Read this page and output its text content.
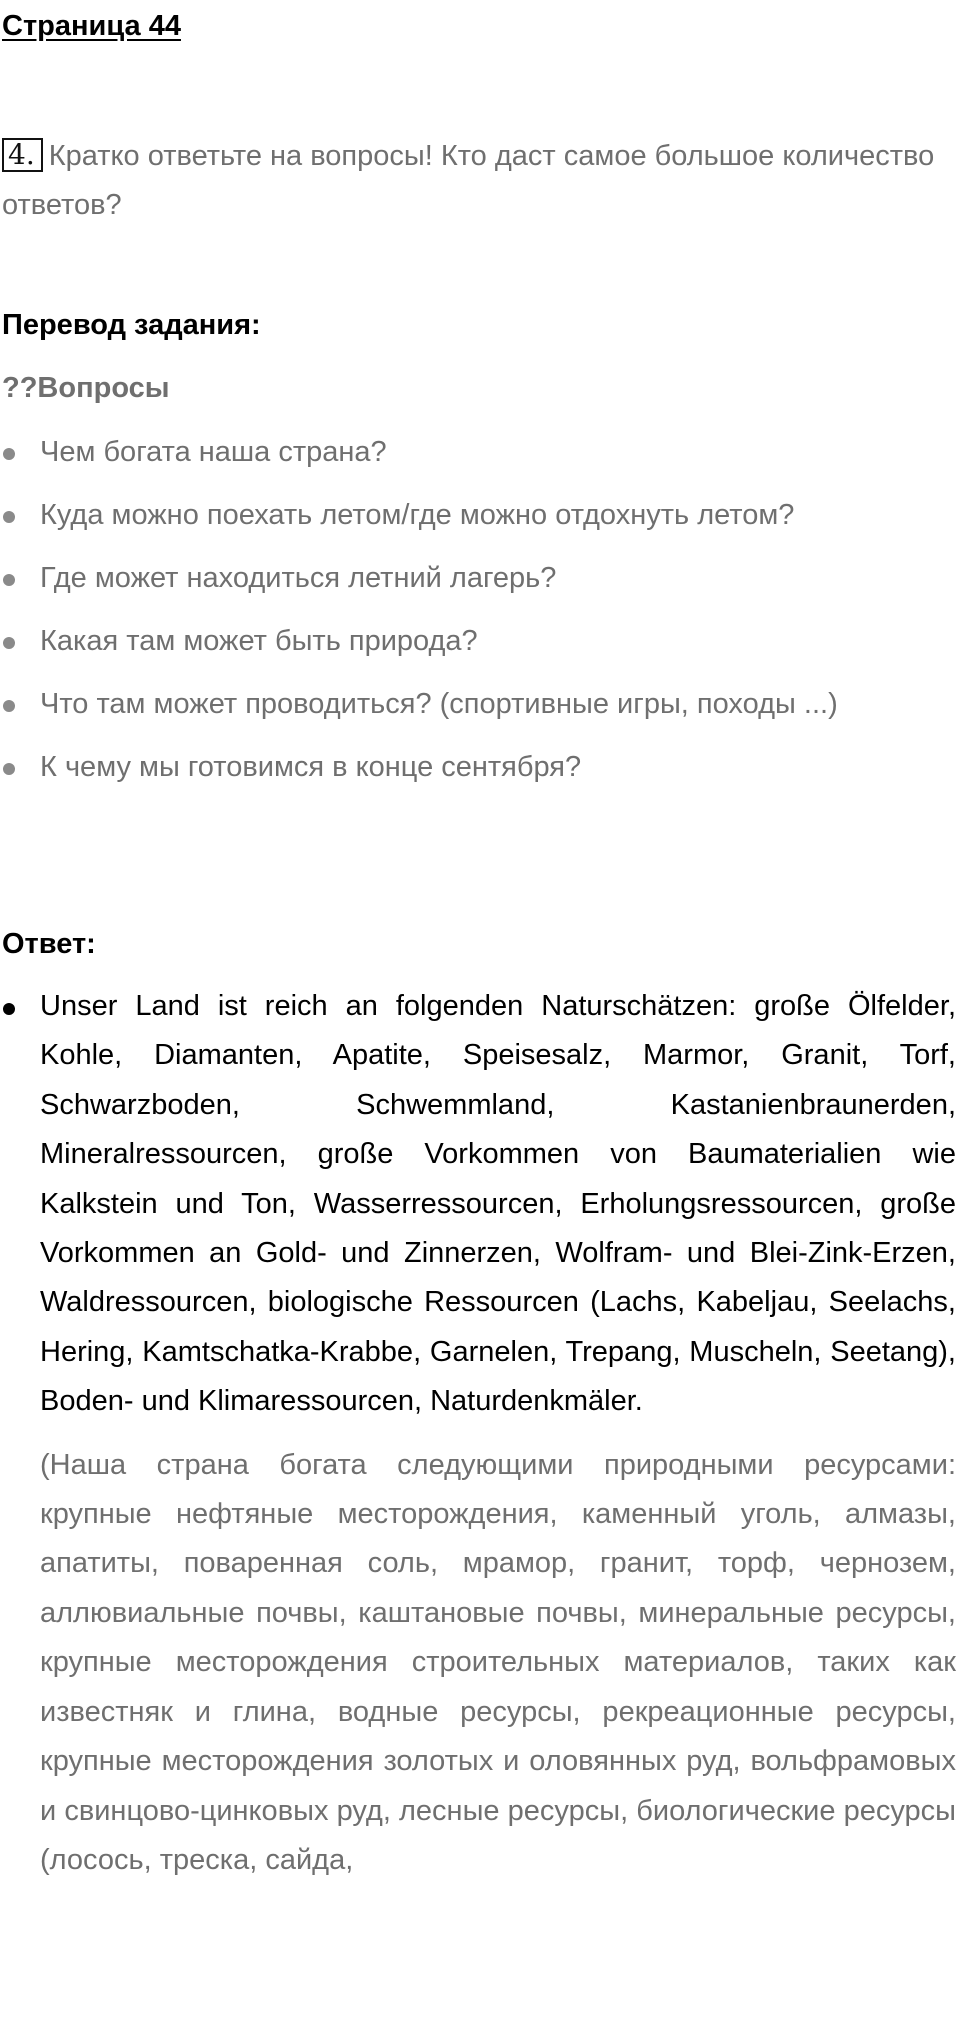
Страница 44
4. Кратко ответьте на вопросы! Кто даст самое большое количество ответов?
Перевод задания:
??Вопросы
Чем богата наша страна?
Куда можно поехать летом/где можно отдохнуть летом?
Где может находиться летний лагерь?
Какая там может быть природа?
Что там может проводиться? (спортивные игры, походы ...)
К чему мы готовимся в конце сентября?
Ответ:

Unser Land ist reich an folgenden Naturschätzen: große Ölfelder, Kohle, Diamanten, Apatite, Speisesalz, Marmor, Granit, Torf, Schwarzboden, Schwemmland, Kastanienbraunerden, Mineralressourcen, große Vorkommen von Baumaterialien wie Kalkstein und Ton, Wasserressourcen, Erholungsressourcen, große Vorkommen an Gold- und Zinnerzen, Wolfram- und Blei-Zink-Erzen, Waldressourcen, biologische Ressourcen (Lachs, Kabeljau, Seelachs, Hering, Kamtschatka-Krabbe, Garnelen, Trepang, Muscheln, Seetang), Boden- und Klimaressourcen, Naturdenkmäler.

(Наша страна богата следующими природными ресурсами: крупные нефтяные месторождения, каменный уголь, алмазы, апатиты, поваренная соль, мрамор, гранит, торф, чернозем, аллювиальные почвы, каштановые почвы, минеральные ресурсы, крупные месторождения строительных материалов, таких как известняк и глина, водные ресурсы, рекреационные ресурсы, крупные месторождения золотых и оловянных руд, вольфрамовых и свинцово-цинковых руд, лесные ресурсы, биологические ресурсы (лосось, треска, сайда,
